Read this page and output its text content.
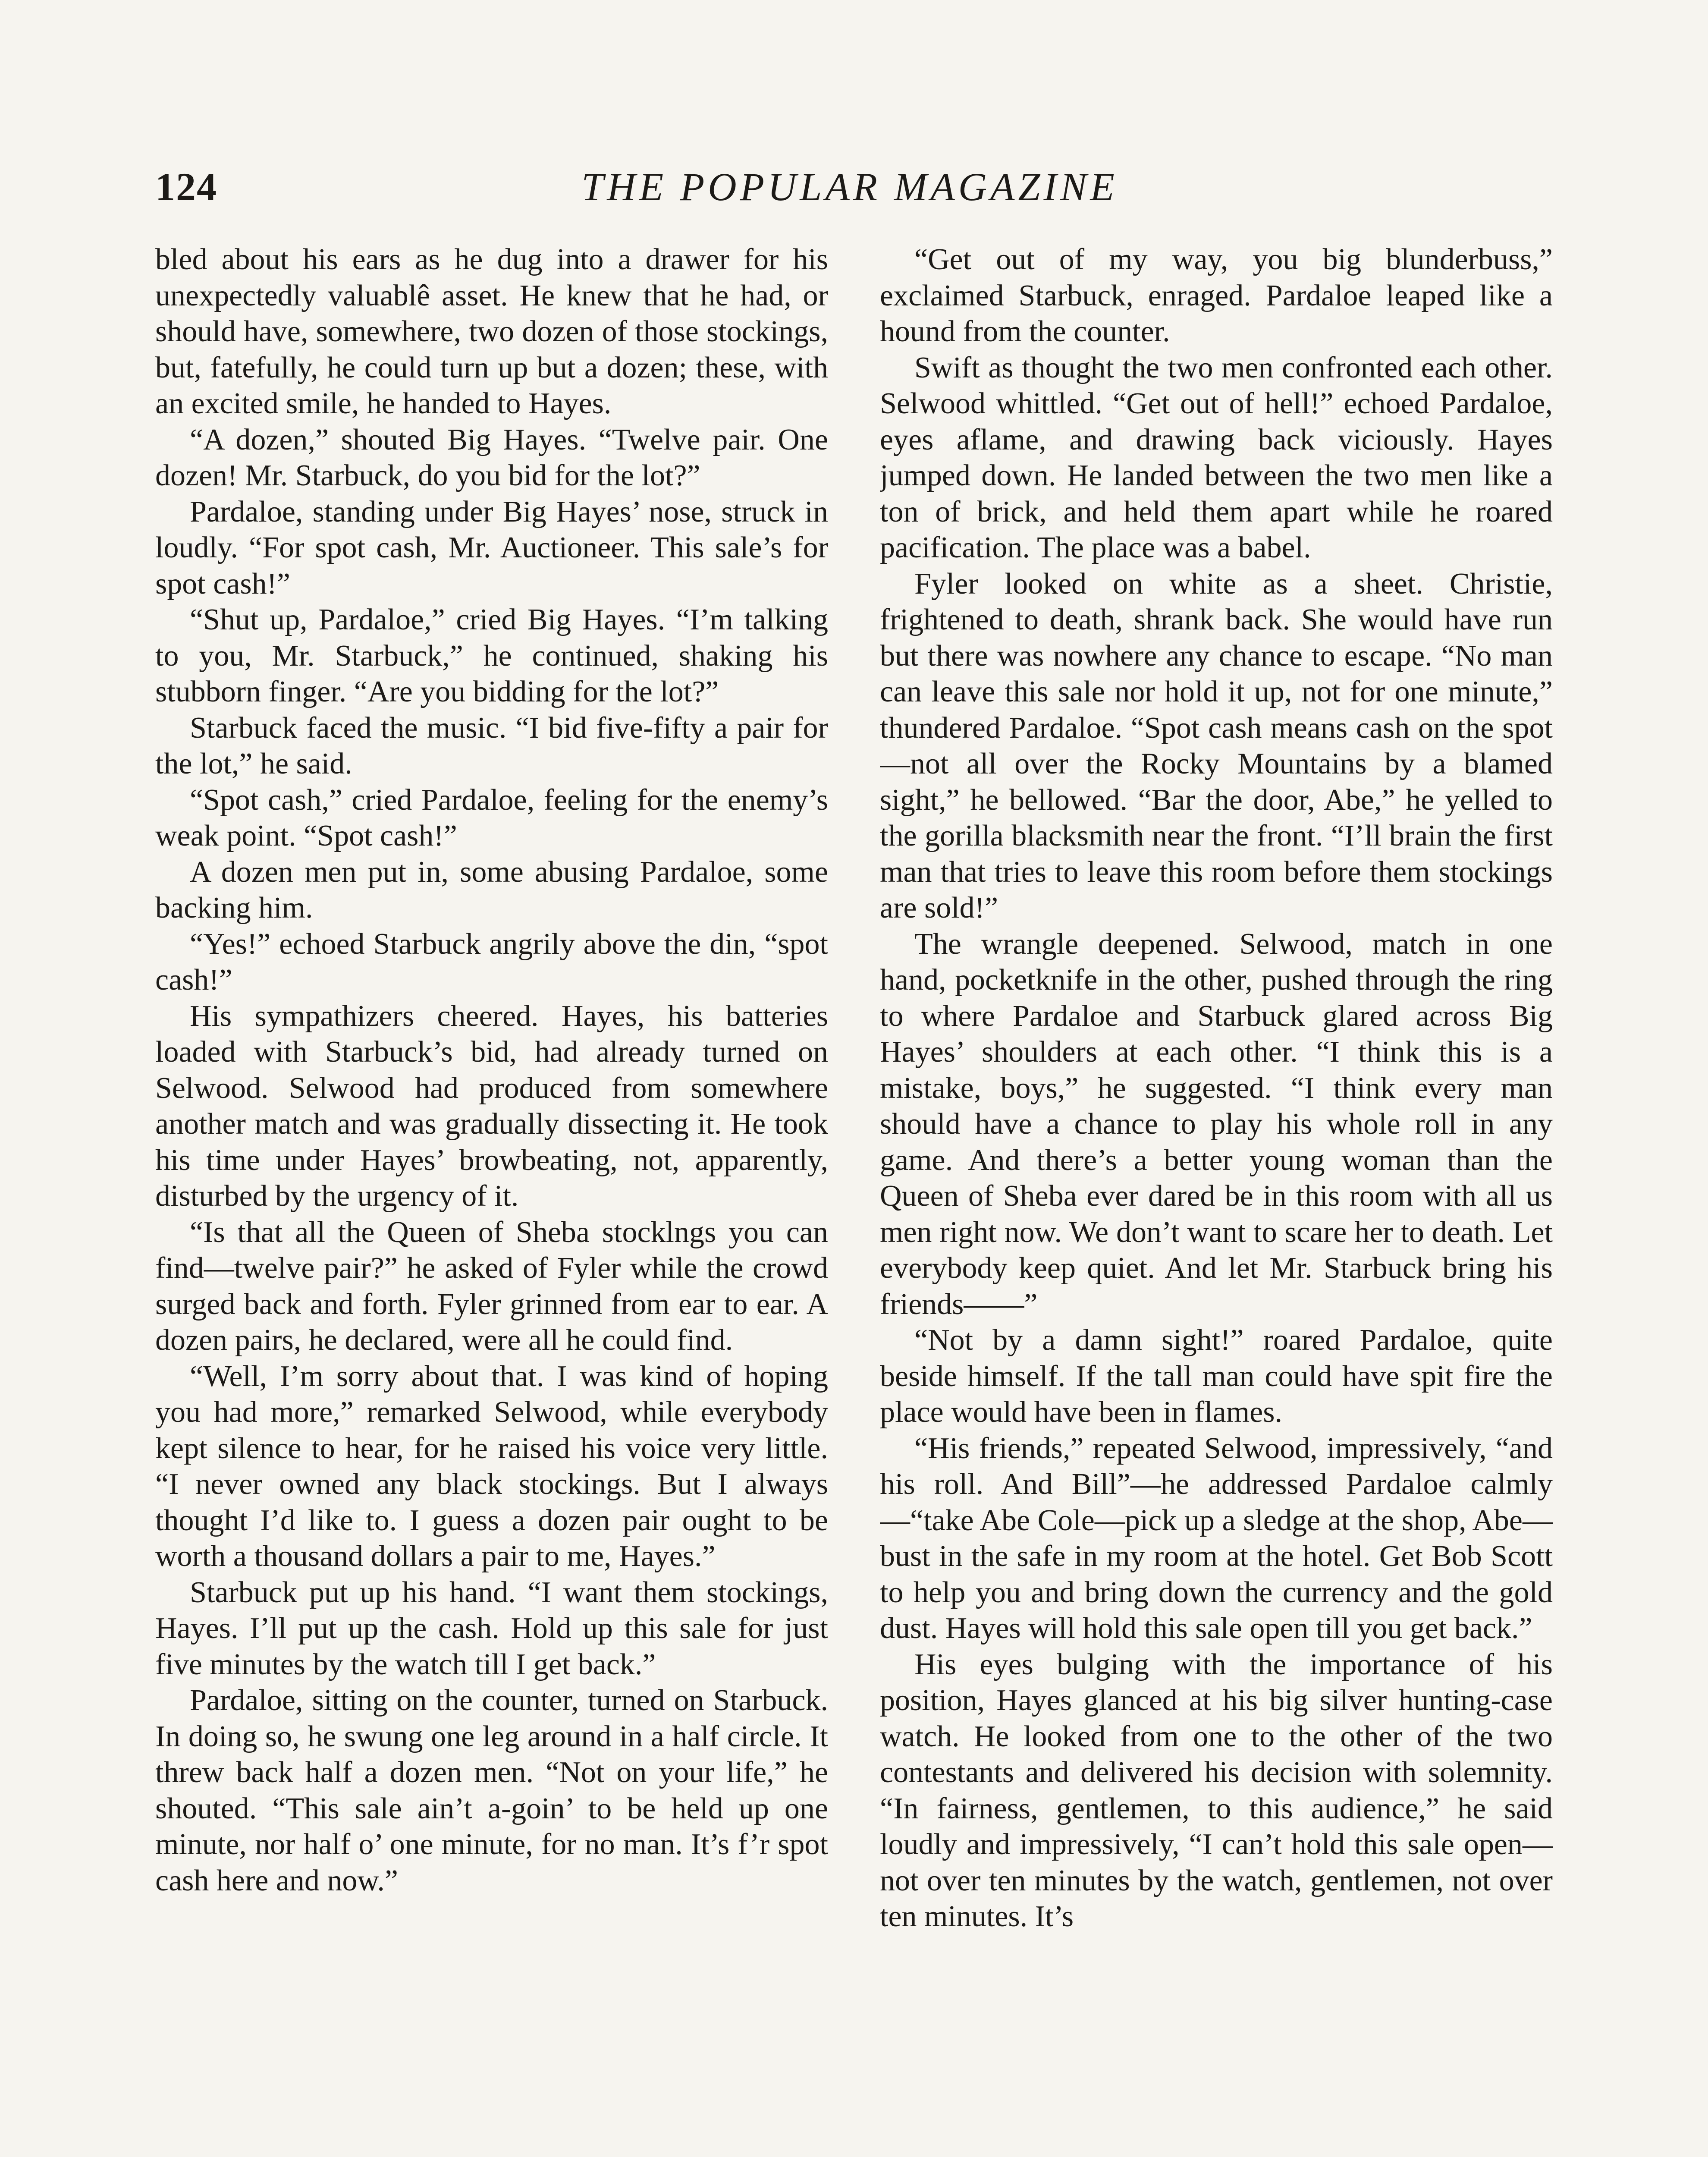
124	THE POPULAR MAGAZINE

bled about his ears as he dug into a drawer for his unexpectedly valuablê asset. He knew that he had, or should have, somewhere, two dozen of those stockings, but, fatefully, he could turn up but a dozen; these, with an excited smile, he handed to Hayes.

“A dozen,” shouted Big Hayes. “Twelve pair. One dozen! Mr. Starbuck, do you bid for the lot?”

Pardaloe, standing under Big Hayes’ nose, struck in loudly. “For spot cash, Mr. Auctioneer. This sale’s for spot cash!”

“Shut up, Pardaloe,” cried Big Hayes. “I’m talking to you, Mr. Starbuck,” he continued, shaking his stubborn finger. “Are you bidding for the lot?”

Starbuck faced the music. “I bid five-fifty a pair for the lot,” he said.

“Spot cash,” cried Pardaloe, feeling for the enemy’s weak point. “Spot cash!”

A dozen men put in, some abusing Pardaloe, some backing him.

“Yes!” echoed Starbuck angrily above the din, “spot cash!”

His sympathizers cheered. Hayes, his batteries loaded with Starbuck’s bid, had already turned on Selwood. Selwood had produced from somewhere another match and was gradually dissecting it. He took his time under Hayes’ browbeating, not, apparently, disturbed by the urgency of it.

“Is that all the Queen of Sheba stocklngs you can find—twelve pair?” he asked of Fyler while the crowd surged back and forth. Fyler grinned from ear to ear. A dozen pairs, he declared, were all he could find.

“Well, I’m sorry about that. I was kind of hoping you had more,” remarked Selwood, while everybody kept silence to hear, for he raised his voice very little. “I never owned any black stockings. But I always thought I’d like to. I guess a dozen pair ought to be worth a thousand dollars a pair to me, Hayes.”

Starbuck put up his hand. “I want them stockings, Hayes. I’ll put up the cash. Hold up this sale for just five minutes by the watch till I get back.”

Pardaloe, sitting on the counter, turned on Starbuck. In doing so, he swung one leg around in a half circle. It threw back half a dozen men. “Not on your life,” he shouted. “This sale ain’t a-goin’ to be held up one minute, nor half o’ one minute, for no man. It’s f’r spot cash here and now.”

“Get out of my way, you big blunderbuss,” exclaimed Starbuck, enraged. Pardaloe leaped like a hound from the counter.

Swift as thought the two men confronted each other. Selwood whittled. “Get out of hell!” echoed Pardaloe, eyes aflame, and drawing back viciously. Hayes jumped down. He landed between the two men like a ton of brick, and held them apart while he roared pacification. The place was a babel.

Fyler looked on white as a sheet. Christie, frightened to death, shrank back. She would have run but there was nowhere any chance to escape. “No man can leave this sale nor hold it up, not for one minute,” thundered Pardaloe. “Spot cash means cash on the spot—not all over the Rocky Mountains by a blamed sight,” he bellowed. “Bar the door, Abe,” he yelled to the gorilla blacksmith near the front. “I’ll brain the first man that tries to leave this room before them stockings are sold!”

The wrangle deepened. Selwood, match in one hand, pocketknife in the other, pushed through the ring to where Pardaloe and Starbuck glared across Big Hayes’ shoulders at each other. “I think this is a mistake, boys,” he suggested. “I think every man should have a chance to play his whole roll in any game. And there’s a better young woman than the Queen of Sheba ever dared be in this room with all us men right now. We don’t want to scare her to death. Let everybody keep quiet. And let Mr. Starbuck bring his friends——”

“Not by a damn sight!” roared Pardaloe, quite beside himself. If the tall man could have spit fire the place would have been in flames.

“His friends,” repeated Selwood, impressively, “and his roll. And Bill”—he addressed Pardaloe calmly—“take Abe Cole—pick up a sledge at the shop, Abe—bust in the safe in my room at the hotel. Get Bob Scott to help you and bring down the currency and the gold dust. Hayes will hold this sale open till you get back.”

His eyes bulging with the importance of his position, Hayes glanced at his big silver hunting-case watch. He looked from one to the other of the two contestants and delivered his decision with solemnity. “In fairness, gentlemen, to this audience,” he said loudly and impressively, “I can’t hold this sale open—not over ten minutes by the watch, gentlemen, not over ten minutes. It’s
